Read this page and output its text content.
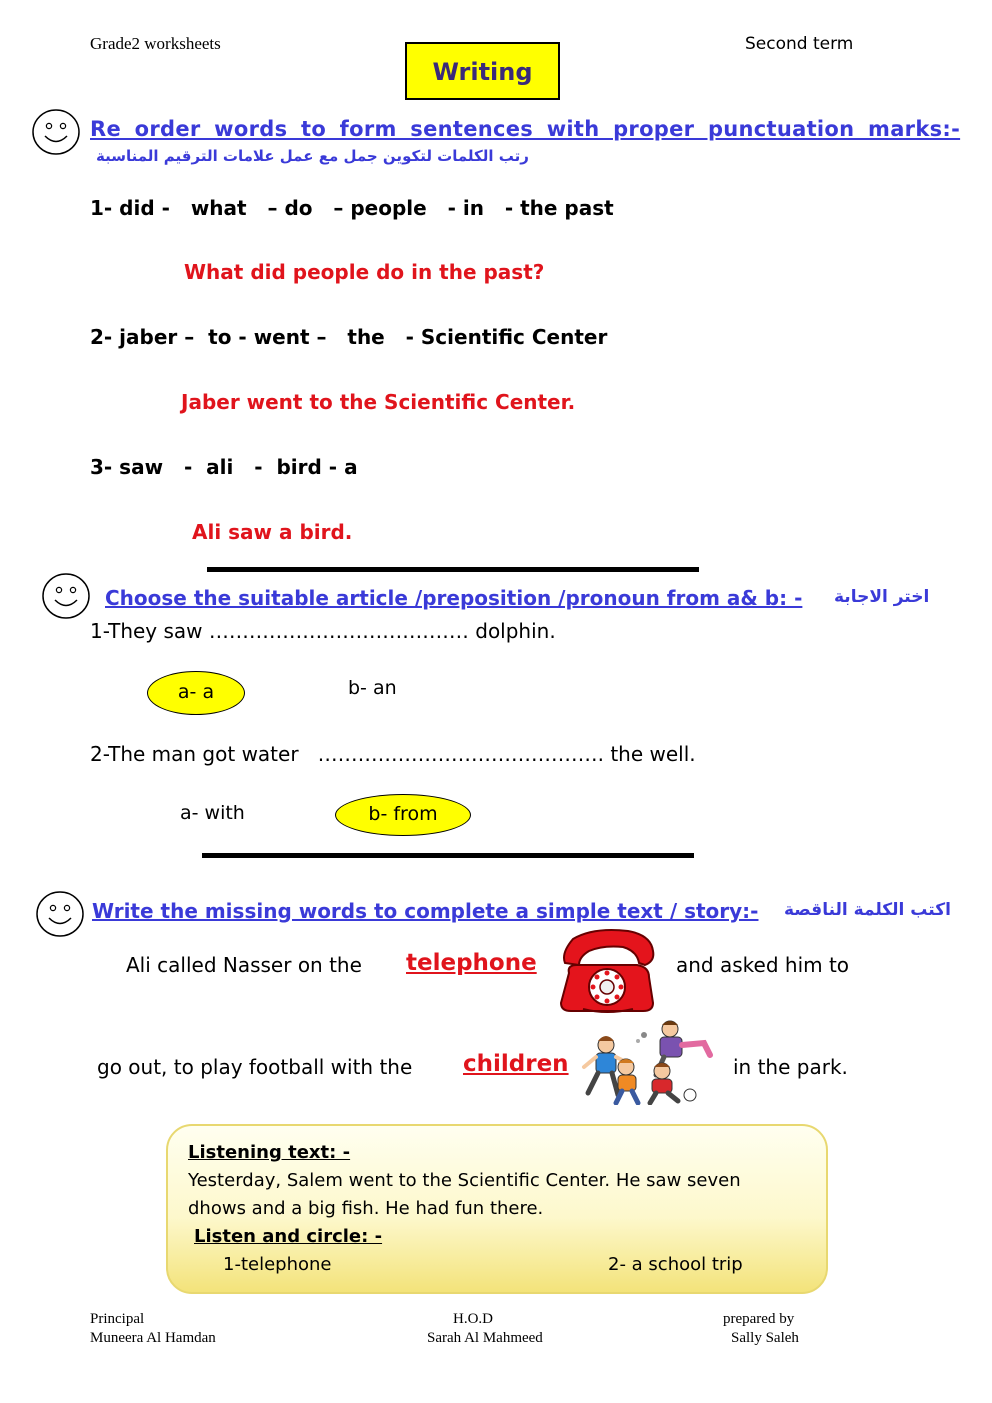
Grade2 worksheets	Second term
Writing
Re order words to form sentences with proper punctuation marks:-
رتب الكلمات لتكوين جمل مع عمل علامات الترقيم المناسبة
1- did -   what   – do   – people   - in   - the past
What did people do in the past?
2- jaber –  to - went –   the   - Scientific Center
Jaber went to the Scientific Center.
3- saw   -  ali   -  bird - a
Ali saw a bird.
Choose the suitable article /preposition /pronoun from a& b: - اختر الاجابة
1-They saw ………………………………… dolphin.
a- a	b- an
2-The man got water   ……………………………………. the well.
a- with	b- from
Write the missing words to complete a simple text / story:- اكتب الكلمة الناقصة
Ali called Nasser on the telephone	and asked him to
go out, to play football with the children	in the park.
Listening text: -
Yesterday, Salem went to the Scientific Center. He saw seven
dhows and a big fish. He had fun there.
Listen and circle: -
1-telephone	2- a school trip
Principal
Muneera Al Hamdan
H.O.D
Sarah Al Mahmeed
prepared by
Sally Saleh
